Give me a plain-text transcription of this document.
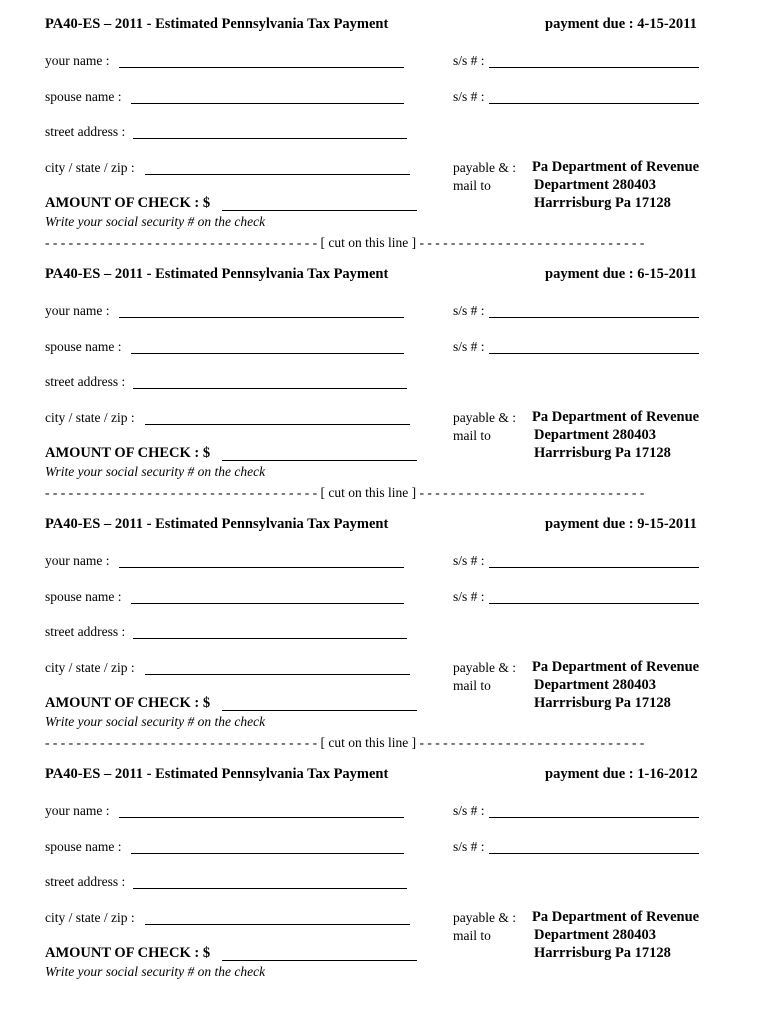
PA40-ES – 2011 - Estimated Pennsylvania Tax Payment	payment due : 4-15-2011
your name :	s/s # :
spouse name :	s/s # :
street address :
city / state / zip :	payable & :
mail to
Pa Department of Revenue
Department 280403
Harrrisburg Pa 17128
AMOUNT OF CHECK : $
Write your social security # on the check
- - - - - - - - - - - - - - - - - - - - - - - - - - - - - - - - - - - [ cut on this line ] - - - - - - - - - - - - - - - - - - - - - - - - - - - - -
PA40-ES – 2011 - Estimated Pennsylvania Tax Payment	payment due : 6-15-2011
your name :	s/s # :
spouse name :	s/s # :
street address :
city / state / zip :	payable & :
mail to
Pa Department of Revenue
Department 280403
Harrrisburg Pa 17128
AMOUNT OF CHECK : $
Write your social security # on the check
- - - - - - - - - - - - - - - - - - - - - - - - - - - - - - - - - - - [ cut on this line ] - - - - - - - - - - - - - - - - - - - - - - - - - - - - -
PA40-ES – 2011 - Estimated Pennsylvania Tax Payment	payment due : 9-15-2011
your name :	s/s # :
spouse name :	s/s # :
street address :
city / state / zip :	payable & :
mail to
Pa Department of Revenue
Department 280403
Harrrisburg Pa 17128
AMOUNT OF CHECK : $
Write your social security # on the check
- - - - - - - - - - - - - - - - - - - - - - - - - - - - - - - - - - - [ cut on this line ] - - - - - - - - - - - - - - - - - - - - - - - - - - - - -
PA40-ES – 2011 - Estimated Pennsylvania Tax Payment	payment due : 1-16-2012
your name :	s/s # :
spouse name :	s/s # :
street address :
city / state / zip :	payable & :
mail to
Pa Department of Revenue
Department 280403
Harrrisburg Pa 17128
AMOUNT OF CHECK : $
Write your social security # on the check
